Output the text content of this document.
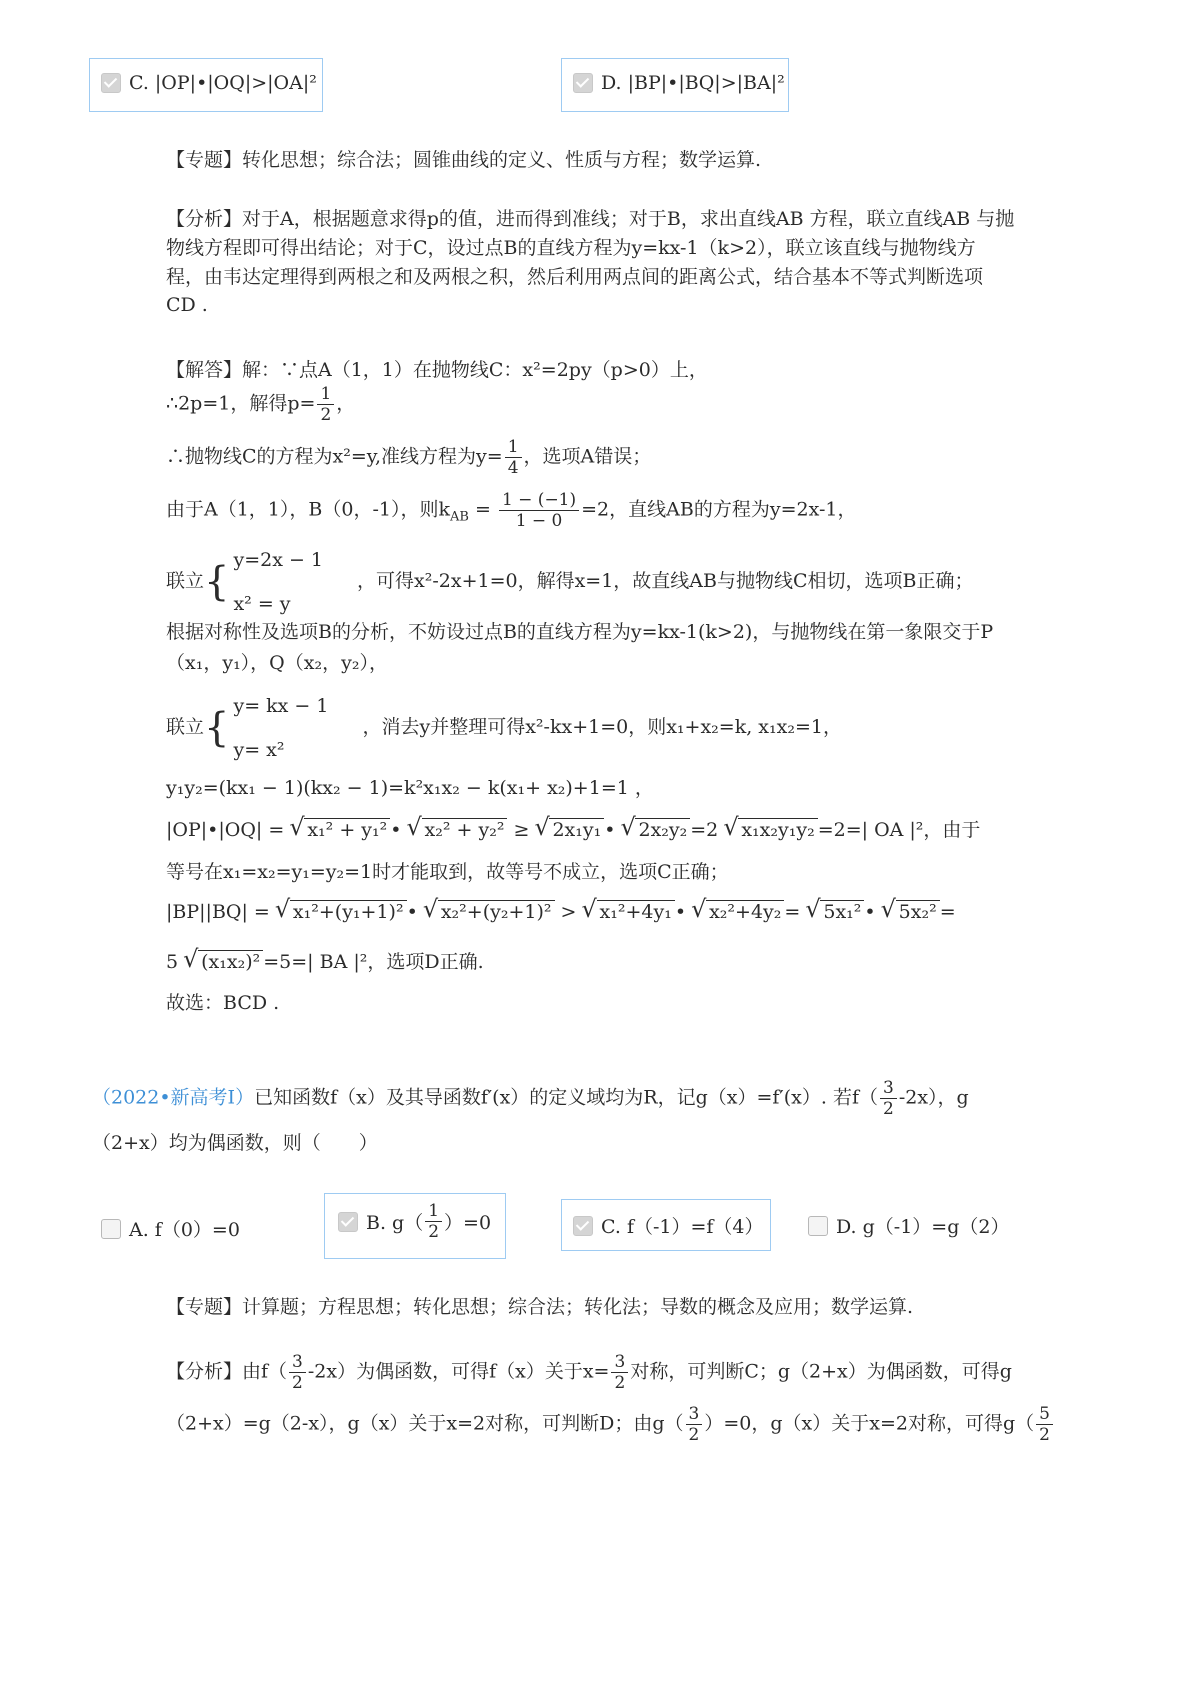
C. |OP|•|OQ|>|OA|²	D. |BP|•|BQ|>|BA|²
【专题】转化思想；综合法；圆锥曲线的定义、性质与方程；数学运算.
【分析】对于A，根据题意求得p的值，进而得到准线；对于B，求出直线AB 方程，联立直线AB 与抛
物线方程即可得出结论；对于C，设过点B的直线方程为y=kx-1（k>2），联立该直线与抛物线方
程，由韦达定理得到两根之和及两根之积，然后利用两点间的距离公式，结合基本不等式判断选项
CD .
【解答】解：∵点A（1，1）在抛物线C：x²=2py（p>0）上，
∴2p=1，解得$p= \frac{1}{2}$ ，
∴抛物线C的方程为x²=y,准线方程为$y= \frac{1}{4}$ ，选项A错误；
由于A（1，1），B（0，-1），则$k_{AB} = \frac{1 - (-1)}{1 - 0} =2$，直线AB的方程为y=2x-1，
联立{ y=2x − 1
x² = y
，可得x²-2x+1=0，解得x=1，故直线AB与抛物线C相切，选项B正确；
根据对称性及选项B的分析，不妨设过点B的直线方程为y=kx-1(k>2)，与抛物线在第一象限交于P
（x₁，y₁），Q（x₂，y₂），
联立{ y= kx − 1
y= x²
，消去y并整理可得x²-kx+1=0，则x₁+x₂=k, x₁x₂=1，
y₁y₂=(kx₁ − 1)(kx₂ − 1)=k²x₁x₂ − k(x₁+ x₂)+1=1 ，
|OP|•|OQ| = √ x₁² + y₁² • √ x₂² + y₂² ≥ √ 2x₁y₁ • √ 2x₂y₂ =2 √ x₁x₂y₁y₂ =2=| OA |²，由于
等号在x₁=x₂=y₁=y₂=1时才能取到，故等号不成立，选项C正确；
|BP||BQ| = √ x₁²+(y₁+1)² • √ x₂²+(y₂+1)² > √ x₁²+4y₁ • √ x₂²+4y₂ = √ 5x₁² • √ 5x₂² =
5 √ (x₁x₂)² =5=| BA |²，选项D正确.
故选：BCD .
（2022•新高考Ⅰ）已知函数f（x）及其导函数f′(x）的定义域均为R，记g（x）=f′(x）. 若$f( \frac{3}{2} -2x)$，g
（2+x）均为偶函数，则（　　）
A. f（0）=0	B. $g( \frac{1}{2} )=0$	C. f（-1）=f（4）	D. g（-1）=g（2）
【专题】计算题；方程思想；转化思想；综合法；转化法；导数的概念及应用；数学运算.
【分析】由$f( \frac{3}{2} -2x)$为偶函数，可得f（x）关于$x= \frac{3}{2}$ 对称，可判断C；g（2+x）为偶函数，可得g
（2+x）=g（2-x），g（x）关于x=2对称，可判断D；由$g( \frac{3}{2} )=0$，g（x）关于x=2对称，可得$g( \frac{5}{2}$
